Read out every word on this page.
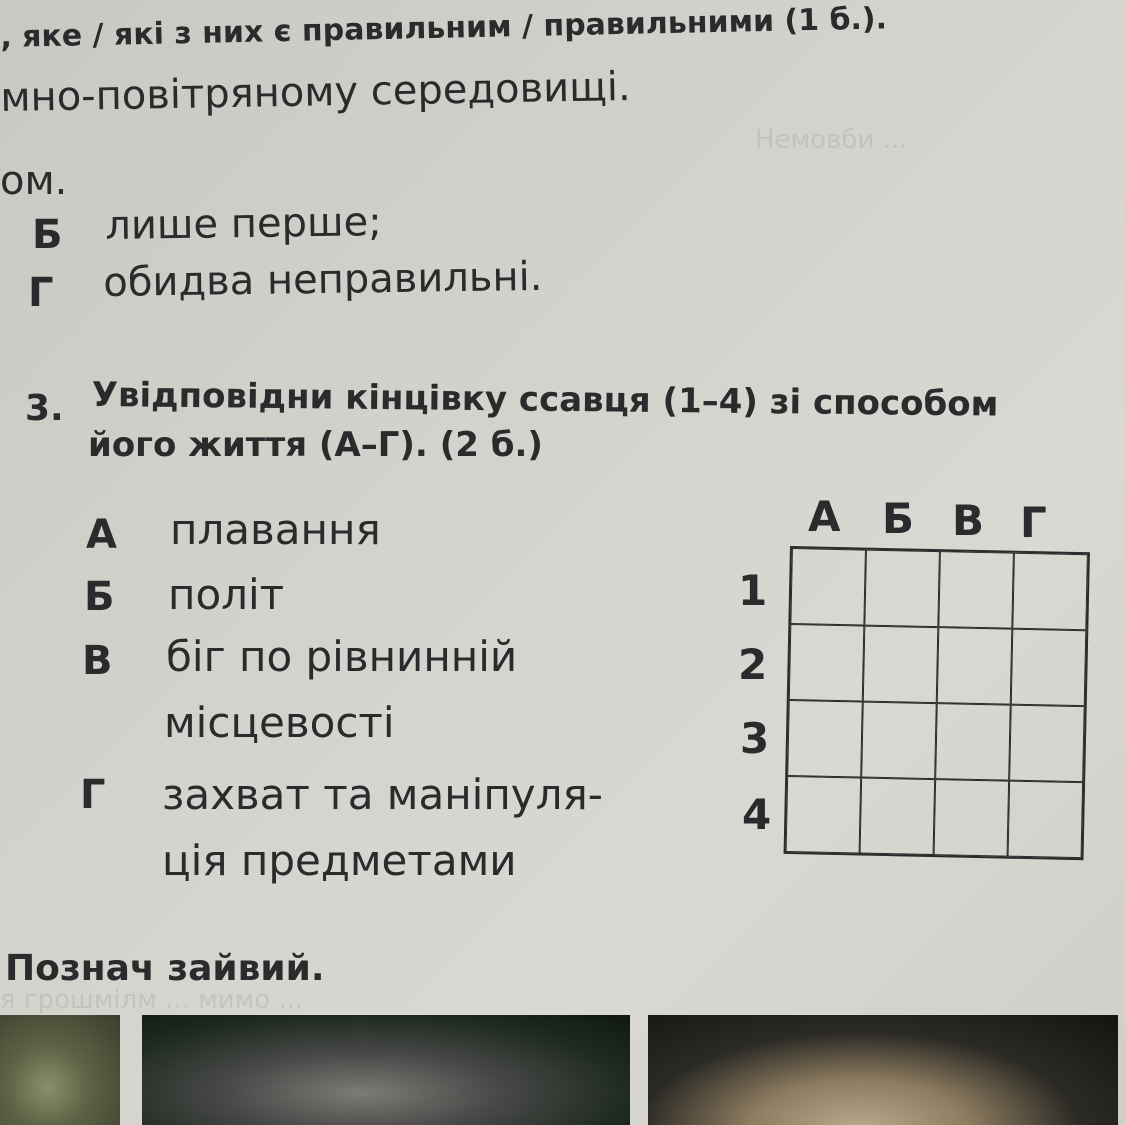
Немовби ...
я грошмілм ... мимо ...
, яке / які з них є правильним / правильними (1 б.).
мно-повітряному середовищі.
ом.
Б лише перше;
Г обидва неправильні.
3. Увідповідни кінцівку ссавця (1–4) зі способом
його життя (А–Г). (2 б.)
А плавання
Б політ
В біг по рівнинній
місцевості
Г захват та маніпуля-
ція предметами
А Б В Г
1
2
3
4
Познач зайвий.
